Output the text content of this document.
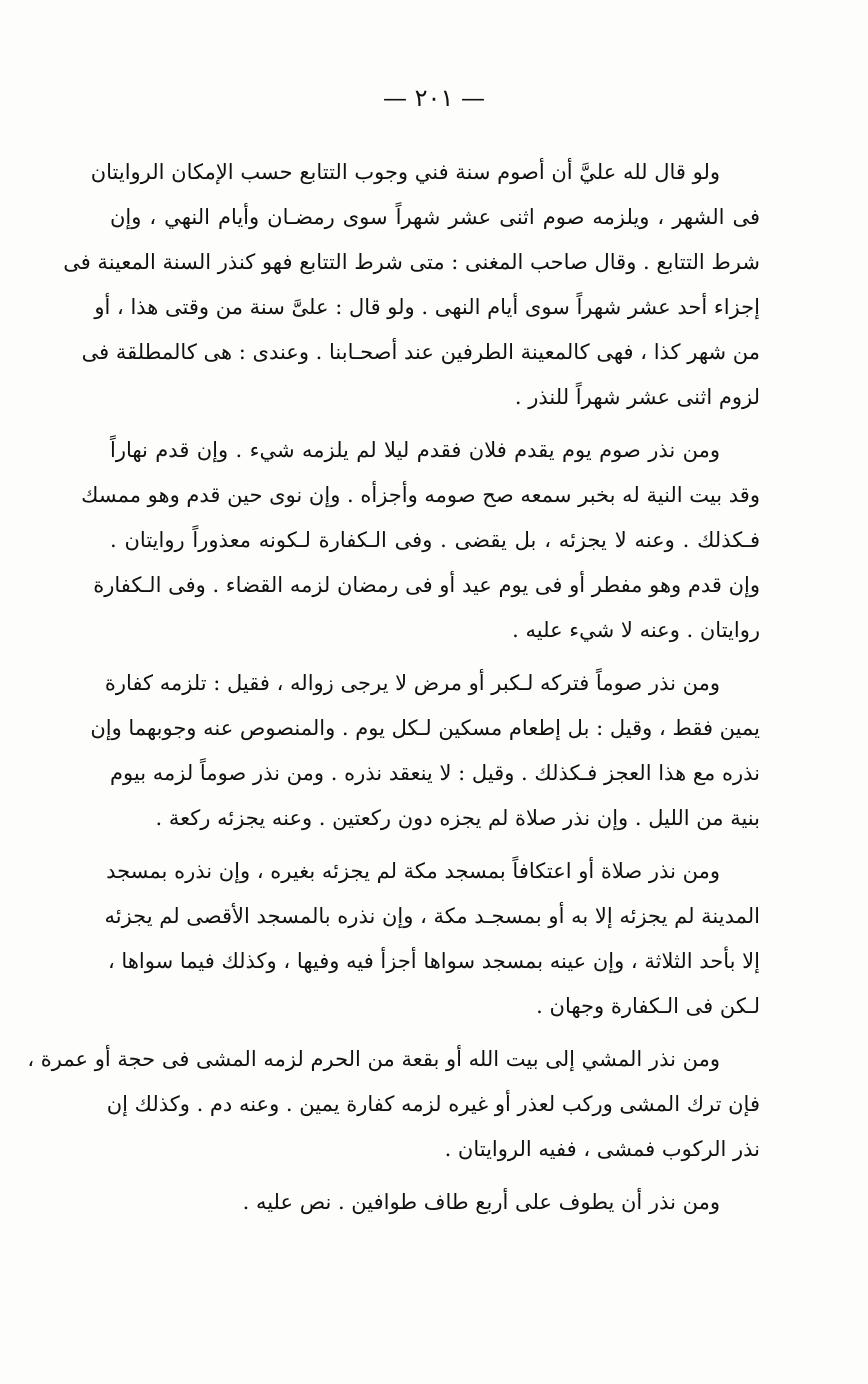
— ٢٠١ —
ولو قال لله عليَّ أن أصوم سنة فني وجوب التتابع حسب الإمكان الروايتان
فى الشهر ، ويلزمه صوم اثنى عشر شهراً سوى رمضـان وأيام النهي ، وإن
شرط التتابع . وقال صاحب المغنى : متى شرط التتابع فهو كنذر السنة المعينة فى
إجزاء أحد عشر شهراً سوى أيام النهى . ولو قال : علىَّ سنة من وقتى هذا ، أو
من شهر كذا ، فهى كالمعينة الطرفين عند أصحـابنا . وعندى : هى كالمطلقة فى
لزوم اثنى عشر شهراً للنذر .
ومن نذر صوم يوم يقدم فلان فقدم ليلا لم يلزمه شيء . وإن قدم نهاراً
وقد بيت النية له بخبر سمعه صح صومه وأجزأه . وإن نوى حين قدم وهو ممسك
فـكذلك . وعنه لا يجزئه ، بل يقضى . وفى الـكفارة لـكونه معذوراً روايتان .
وإن قدم وهو مفطر أو فى يوم عيد أو فى رمضان لزمه القضاء . وفى الـكفارة
روايتان . وعنه لا شيء عليه .
ومن نذر صوماً فتركه لـكبر أو مرض لا يرجى زواله ، فقيل : تلزمه كفارة
يمين فقط ، وقيل : بل إطعام مسكين لـكل يوم . والمنصوص عنه وجوبهما وإن
نذره مع هذا العجز فـكذلك . وقيل : لا ينعقد نذره . ومن نذر صوماً لزمه بيوم
بنية من الليل . وإن نذر صلاة لم يجزه دون ركعتين . وعنه يجزئه ركعة .
ومن نذر صلاة أو اعتكافاً بمسجد مكة لم يجزئه بغيره ، وإن نذره بمسجد
المدينة لم يجزئه إلا به أو بمسجـد مكة ، وإن نذره بالمسجد الأقصى لم يجزئه
إلا بأحد الثلاثة ، وإن عينه بمسجد سواها أجزأ فيه وفيها ، وكذلك فيما سواها ،
لـكن فى الـكفارة وجهان .
ومن نذر المشي إلى بيت الله أو بقعة من الحرم لزمه المشى فى حجة أو عمرة ،
فإن ترك المشى وركب لعذر أو غيره لزمه كفارة يمين . وعنه دم . وكذلك إن
نذر الركوب فمشى ، ففيه الروايتان .
ومن نذر أن يطوف على أربع طاف طوافين . نص عليه .
